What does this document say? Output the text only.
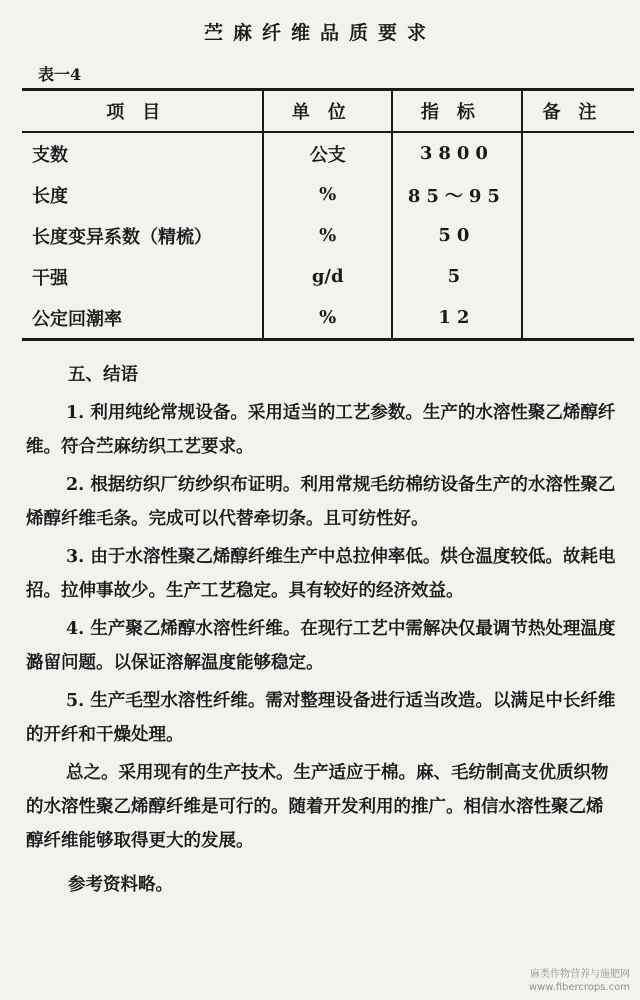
苎麻纤维品质要求
表一4
项目	单位	指标	备注
支数	公支	3800	
长度	%	85～95	
长度变异系数（精梳）	%	50	
干强	g/d	5	
公定回潮率	%	12	

五、结语

1. 利用纯纶常规设备。采用适当的工艺参数。生产的水溶性聚乙烯醇纤维。符合苎麻纺织工艺要求。

2. 根据纺织厂纺纱织布证明。利用常规毛纺棉纺设备生产的水溶性聚乙烯醇纤维毛条。完成可以代替牵切条。且可纺性好。

3. 由于水溶性聚乙烯醇纤维生产中总拉伸率低。烘仓温度较低。故耗电招。拉伸事故少。生产工艺稳定。具有较好的经济效益。

4. 生产聚乙烯醇水溶性纤维。在现行工艺中需解决仅最调节热处理温度潞留问题。以保证溶解温度能够稳定。

5. 生产毛型水溶性纤维。需对整理设备进行适当改造。以满足中长纤维的开纤和干燥处理。

总之。采用现有的生产技术。生产适应于棉。麻、毛纺制高支优质织物的水溶性聚乙烯醇纤维是可行的。随着开发利用的推广。相信水溶性聚乙烯醇纤维能够取得更大的发展。

参考资料略。

麻类作物营养与施肥网
www.fibercrops.com
